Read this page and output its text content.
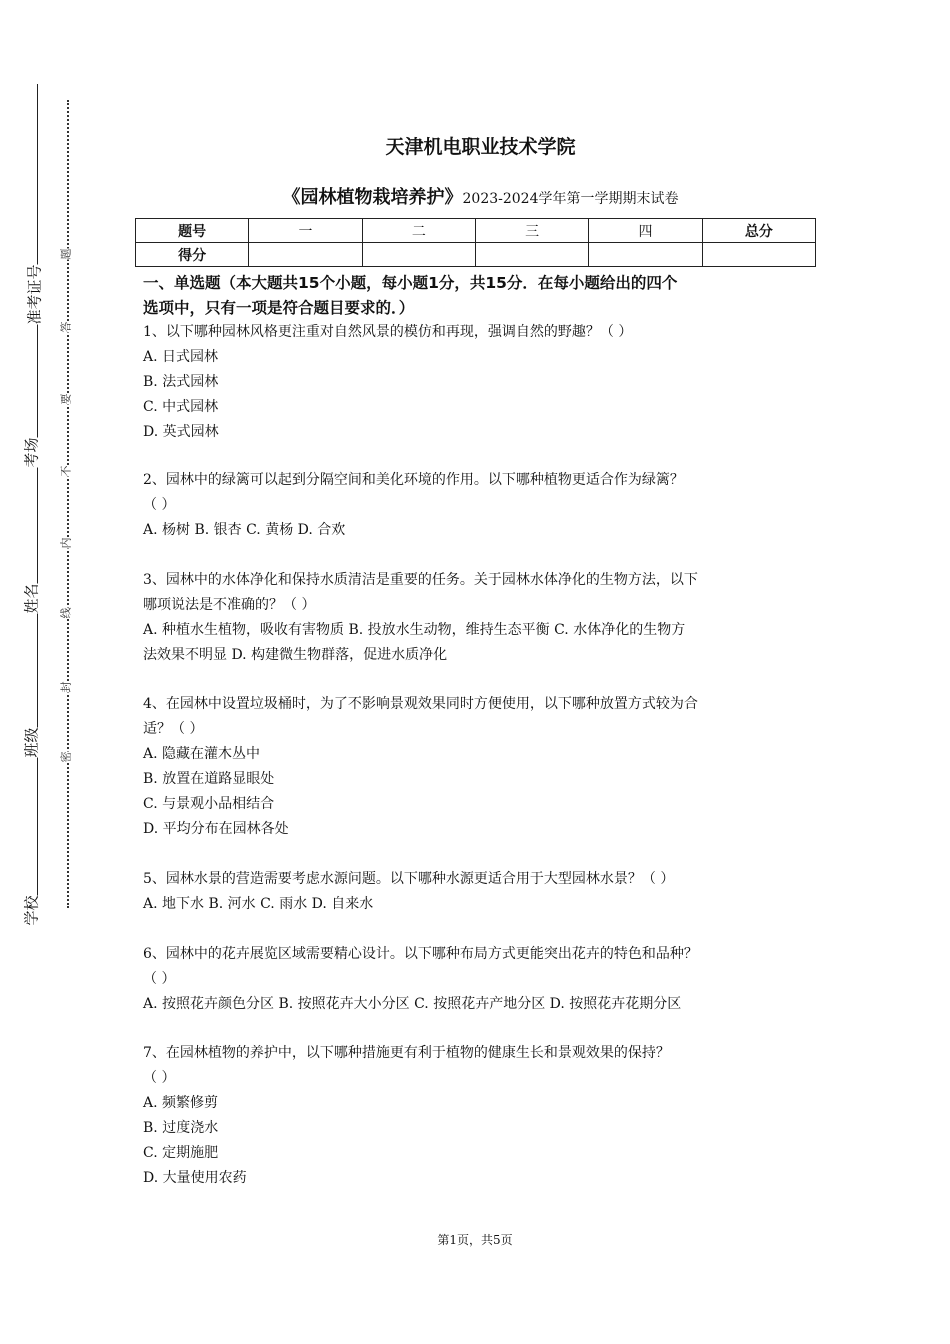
准考证号
考场
姓名
班级
学校
题
答
要
不
内
线
封
密
天津机电职业技术学院
《园林植物栽培养护》2023-2024学年第一学期期末试卷
题号	一	二	三	四	总分
得分					
一、单选题（本大题共15个小题，每小题1分，共15分．在每小题给出的四个
选项中，只有一项是符合题目要求的．）

1、以下哪种园林风格更注重对自然风景的模仿和再现，强调自然的野趣？（ ）

A. 日式园林

B. 法式园林

C. 中式园林

D. 英式园林

2、园林中的绿篱可以起到分隔空间和美化环境的作用。以下哪种植物更适合作为绿篱？

（ ）

A. 杨树 B. 银杏 C. 黄杨 D. 合欢

3、园林中的水体净化和保持水质清洁是重要的任务。关于园林水体净化的生物方法，以下

哪项说法是不准确的？（ ）

A. 种植水生植物，吸收有害物质 B. 投放水生动物，维持生态平衡 C. 水体净化的生物方

法效果不明显 D. 构建微生物群落，促进水质净化

4、在园林中设置垃圾桶时，为了不影响景观效果同时方便使用，以下哪种放置方式较为合

适？（ ）

A. 隐藏在灌木丛中

B. 放置在道路显眼处

C. 与景观小品相结合

D. 平均分布在园林各处

5、园林水景的营造需要考虑水源问题。以下哪种水源更适合用于大型园林水景？（ ）

A. 地下水 B. 河水 C. 雨水 D. 自来水

6、园林中的花卉展览区域需要精心设计。以下哪种布局方式更能突出花卉的特色和品种？

（ ）

A. 按照花卉颜色分区 B. 按照花卉大小分区 C. 按照花卉产地分区 D. 按照花卉花期分区

7、在园林植物的养护中，以下哪种措施更有利于植物的健康生长和景观效果的保持？

（ ）

A. 频繁修剪

B. 过度浇水

C. 定期施肥

D. 大量使用农药

第1页，共5页
